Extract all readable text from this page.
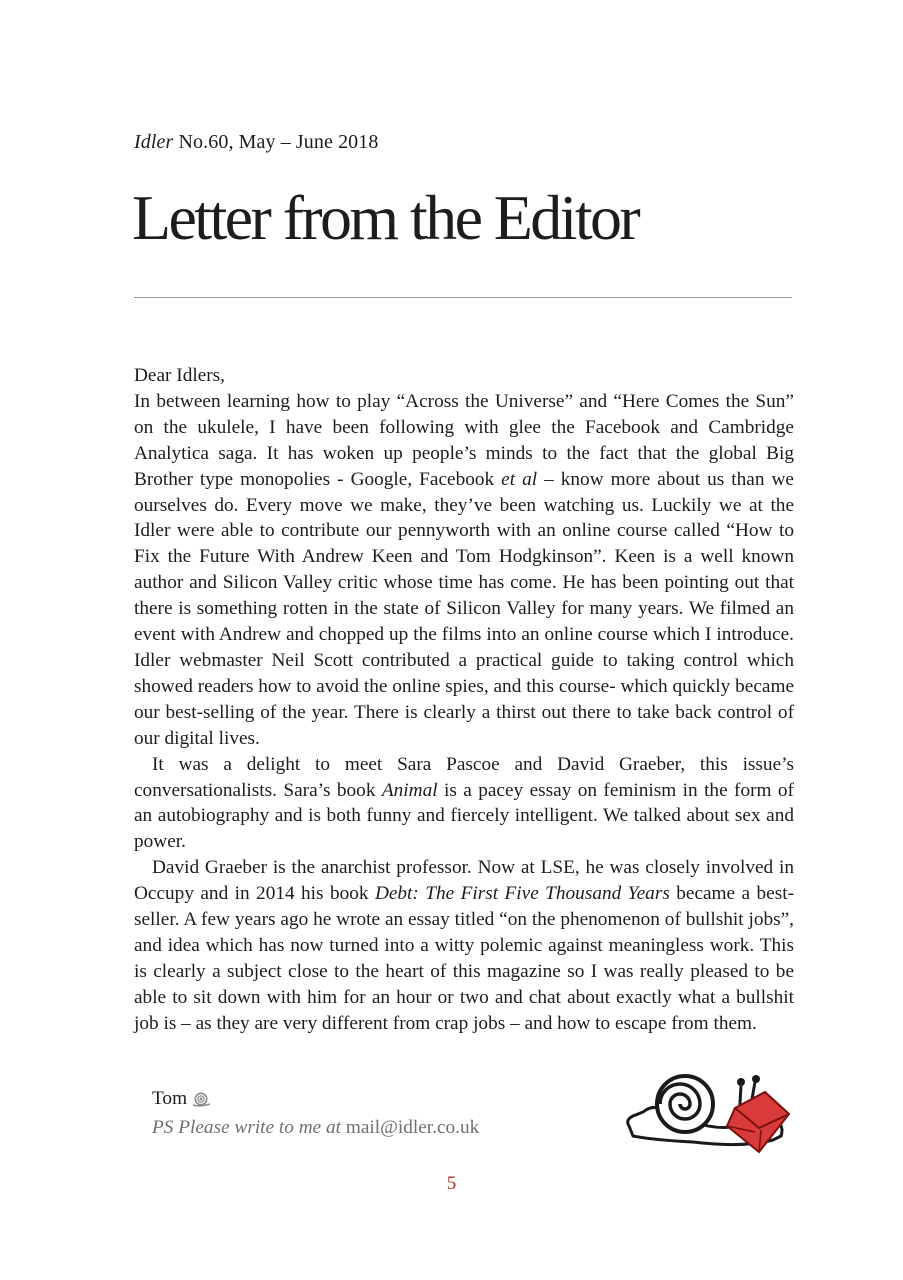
Idler No.60, May – June 2018
Letter from the Editor

Dear Idlers,

In between learning how to play “Across the Universe” and “Here Comes the Sun” on the ukulele, I have been following with glee the Facebook and Cambridge Analytica saga. It has woken up people’s minds to the fact that the global Big Brother type monopolies - Google, Facebook et al – know more about us than we ourselves do. Every move we make, they’ve been watching us. Luckily we at the Idler were able to contribute our pennyworth with an online course called “How to Fix the Future With Andrew Keen and Tom Hodgkinson”. Keen is a well known author and Silicon Valley critic whose time has come. He has been pointing out that there is something rotten in the state of Silicon Valley for many years. We filmed an event with Andrew and chopped up the films into an online course which I introduce. Idler webmaster Neil Scott contributed a practical guide to taking control which showed readers how to avoid the online spies, and this course- which quickly became our best-selling of the year. There is clearly a thirst out there to take back control of our digital lives.

It was a delight to meet Sara Pascoe and David Graeber, this issue’s conversationalists. Sara’s book Animal is a pacey essay on feminism in the form of an autobiography and is both funny and fiercely intelligent. We talked about sex and power.

David Graeber is the anarchist professor. Now at LSE, he was closely involved in Occupy and in 2014 his book Debt: The First Five Thousand Years became a best-seller. A few years ago he wrote an essay titled “on the phenomenon of bullshit jobs”, and idea which has now turned into a witty polemic against meaningless work. This is clearly a subject close to the heart of this magazine so I was really pleased to be able to sit down with him for an hour or two and chat about exactly what a bullshit job is – as they are very different from crap jobs – and how to escape from them.

Tom
PS Please write to me at mail@idler.co.uk
5
